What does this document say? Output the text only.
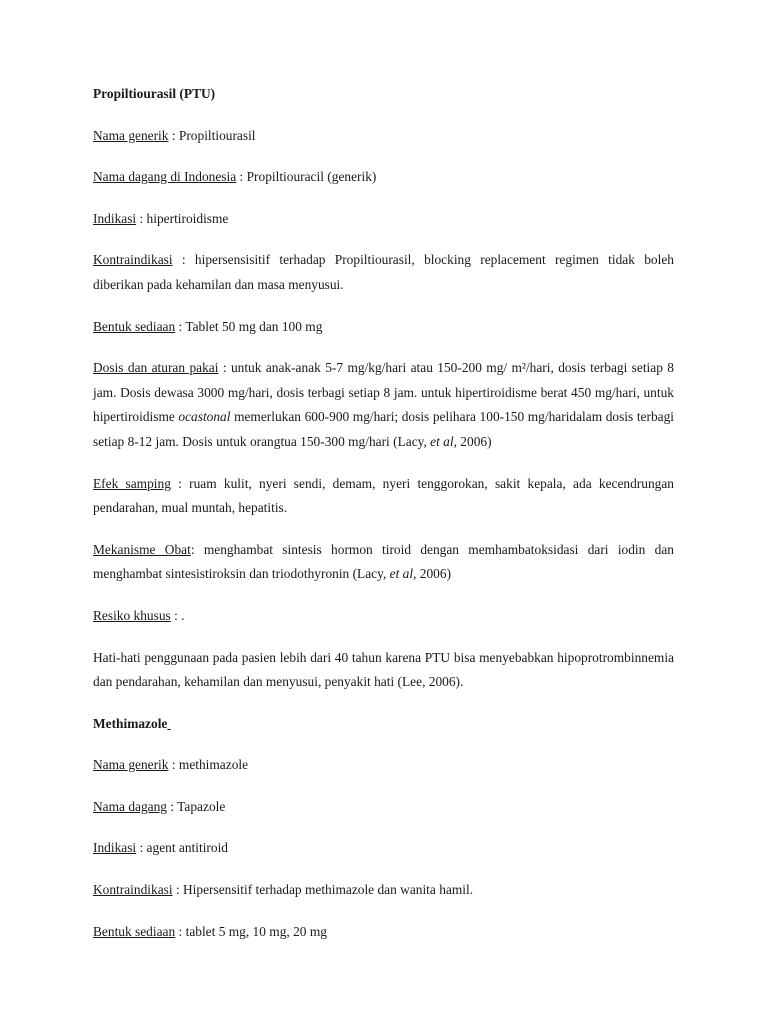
Propiltiourasil (PTU)

Nama generik : Propiltiourasil

Nama dagang di Indonesia : Propiltiouracil (generik)

Indikasi : hipertiroidisme

Kontraindikasi : hipersensisitif terhadap Propiltiourasil, blocking replacement regimen tidak boleh diberikan pada kehamilan dan masa menyusui.

Bentuk sediaan : Tablet 50 mg dan 100 mg

Dosis dan aturan pakai : untuk anak-anak 5-7 mg/kg/hari atau 150-200 mg/ m²/hari, dosis terbagi setiap 8 jam. Dosis dewasa 3000 mg/hari, dosis terbagi setiap 8 jam. untuk hipertiroidisme berat 450 mg/hari, untuk hipertiroidisme ocastonal memerlukan 600-900 mg/hari; dosis pelihara 100-150 mg/haridalam dosis terbagi setiap 8-12 jam. Dosis untuk orangtua 150-300 mg/hari (Lacy, et al, 2006)

Efek samping : ruam kulit, nyeri sendi, demam, nyeri tenggorokan, sakit kepala, ada kecendrungan pendarahan, mual muntah, hepatitis.

Mekanisme Obat: menghambat sintesis hormon tiroid dengan memhambatoksidasi dari iodin dan menghambat sintesistiroksin dan triodothyronin (Lacy, et al, 2006)

Resiko khusus : .

Hati-hati penggunaan pada pasien lebih dari 40 tahun karena PTU bisa menyebabkan hipoprotrombinnemia dan pendarahan, kehamilan dan menyusui, penyakit hati (Lee, 2006).

Methimazole

Nama generik : methimazole

Nama dagang : Tapazole

Indikasi : agent antitiroid

Kontraindikasi : Hipersensitif terhadap methimazole dan wanita hamil.

Bentuk sediaan : tablet 5 mg, 10 mg, 20 mg
